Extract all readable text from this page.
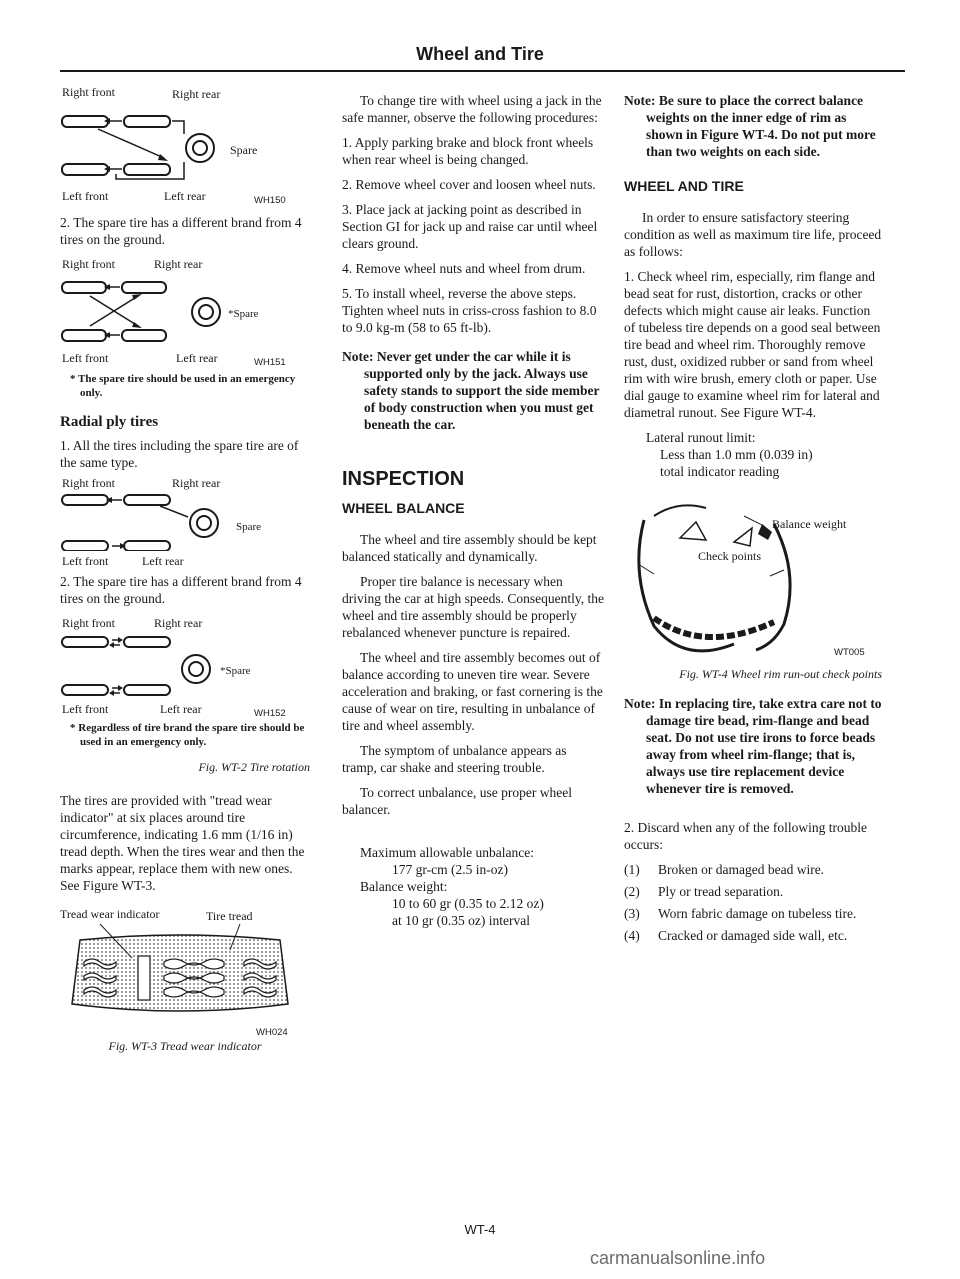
Wheel and Tire
Right front	Right rear
Spare
Left front	Left rear	WH150

2. The spare tire has a different brand from 4 tires on the ground.

Right front	Right rear
*Spare
Left front	Left rear	WH151

* The spare tire should be used in an emergency only.

Radial ply tires

1. All the tires including the spare tire are of the same type.

Right front	Right rear
Spare
Left front	Left rear

2. The spare tire has a different brand from 4 tires on the ground.

Right front	Right rear
*Spare
Left front	Left rear	WH152

* Regardless of tire brand the spare tire should be used in an emergency only.

Fig. WT-2 Tire rotation

The tires are provided with "tread wear indicator" at six places around tire circumference, indicating 1.6 mm (1/16 in) tread depth. When the tires wear and then the marks appear, replace them with new ones. See Figure WT-3.

Tread wear indicator	Tire tread
WH024
Fig. WT-3 Tread wear indicator

To change tire with wheel using a jack in the safe manner, observe the following procedures:

1. Apply parking brake and block front wheels when rear wheel is being changed.

2. Remove wheel cover and loosen wheel nuts.

3. Place jack at jacking point as described in Section GI for jack up and raise car until wheel clears ground.

4. Remove wheel nuts and wheel from drum.

5. To install wheel, reverse the above steps. Tighten wheel nuts in criss-cross fashion to 8.0 to 9.0 kg-m (58 to 65 ft-lb).

Note: Never get under the car while it is supported only by the jack. Always use safety stands to support the side member of body construction when you must get beneath the car.

INSPECTION
WHEEL BALANCE

The wheel and tire assembly should be kept balanced statically and dynamically.

Proper tire balance is necessary when driving the car at high speeds. Consequently, the wheel and tire assembly should be properly rebalanced whenever puncture is repaired.

The wheel and tire assembly becomes out of balance according to uneven tire wear. Severe acceleration and braking, or fast cornering is the cause of wear on tire, resulting in unbalance of tire and wheel assembly.

The symptom of unbalance appears as tramp, car shake and steering trouble.

To correct unbalance, use proper wheel balancer.

Maximum allowable unbalance:
177 gr-cm (2.5 in-oz)
Balance weight:
10 to 60 gr (0.35 to 2.12 oz)
at 10 gr (0.35 oz) interval

Note: Be sure to place the correct balance weights on the inner edge of rim as shown in Figure WT-4. Do not put more than two weights on each side.

WHEEL AND TIRE

In order to ensure satisfactory steering condition as well as maximum tire life, proceed as follows:

1. Check wheel rim, especially, rim flange and bead seat for rust, distortion, cracks or other defects which might cause air leaks. Function of tubeless tire depends on a good seal between tire bead and wheel rim. Thoroughly remove rust, dust, oxidized rubber or sand from wheel rim with wire brush, emery cloth or paper. Use dial gauge to examine wheel rim for lateral and diametral runout. See Figure WT-4.

Lateral runout limit:
Less than 1.0 mm (0.039 in)
total indicator reading
Balance weight
Check points
WT005
Fig. WT-4 Wheel rim run-out check points

Note: In replacing tire, take extra care not to damage tire bead, rim-flange and bead seat. Do not use tire irons to force beads away from wheel rim-flange; that is, always use tire replacement device whenever tire is removed.

2. Discard when any of the following trouble occurs:

(1)	Broken or damaged bead wire.
(2)	Ply or tread separation.
(3)	Worn fabric damage on tubeless tire.
(4)	Cracked or damaged side wall, etc.
WT-4
carmanualsonline.info
